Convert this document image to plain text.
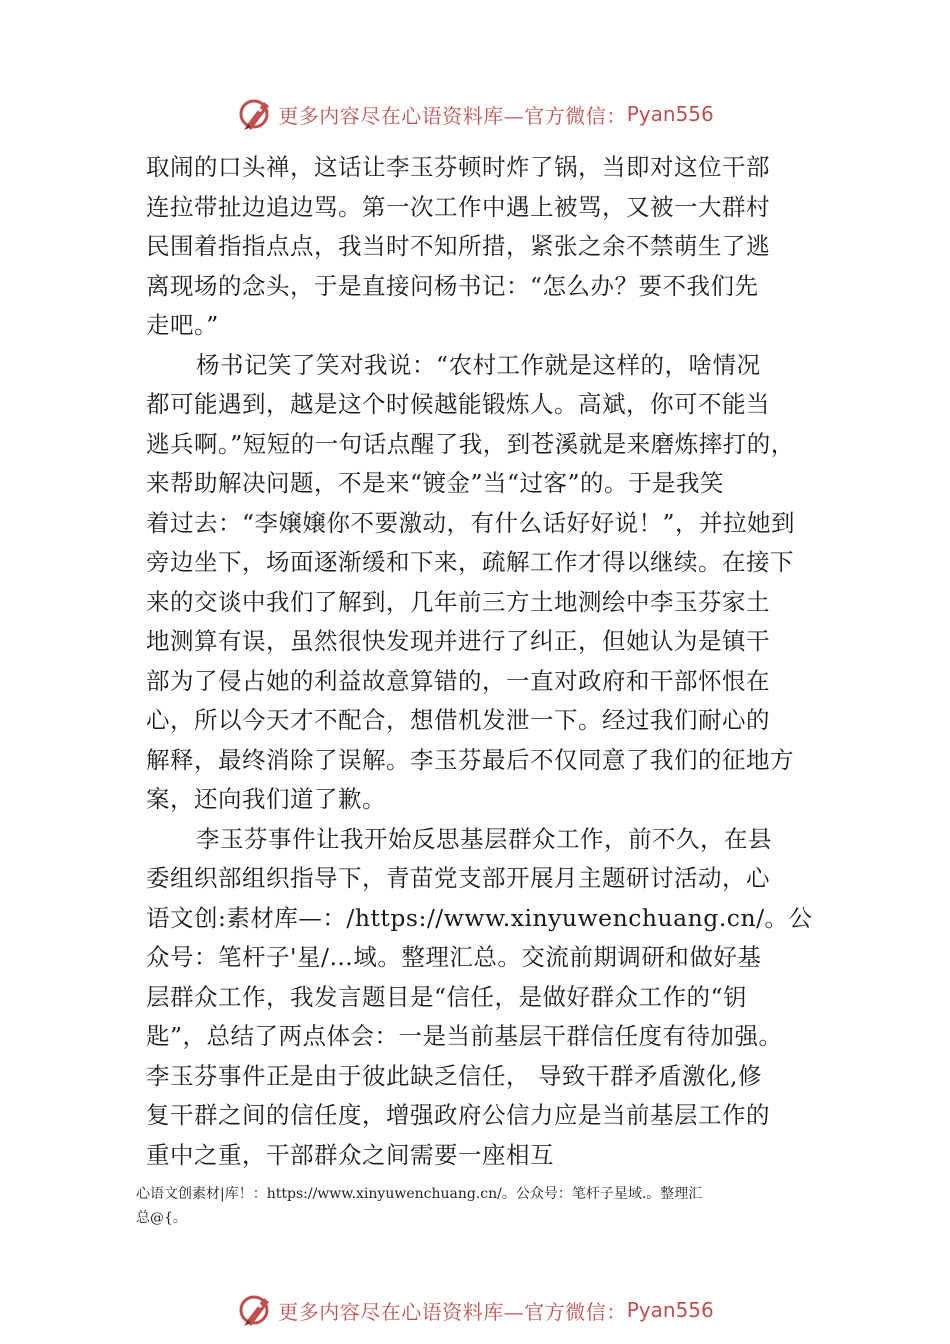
更多内容尽在心语资料库—官方微信： Pyan556
取闹的口头禅，这话让李玉芬顿时炸了锅，当即对这位干部
连拉带扯边追边骂。第一次工作中遇上被骂，又被一大群村
民围着指指点点，我当时不知所措，紧张之余不禁萌生了逃
离现场的念头，于是直接问杨书记：“怎么办？要不我们先
走吧。”
杨书记笑了笑对我说：“农村工作就是这样的，啥情况
都可能遇到，越是这个时候越能锻炼人。高斌，你可不能当
逃兵啊。”短短的一句话点醒了我，到苍溪就是来磨炼摔打的，
来帮助解决问题，不是来“镀金”当“过客”的。于是我笑
着过去：“李嬢嬢你不要激动，有什么话好好说！”，并拉她到
旁边坐下，场面逐渐缓和下来，疏解工作才得以继续。在接下
来的交谈中我们了解到，几年前三方土地测绘中李玉芬家土
地测算有误，虽然很快发现并进行了纠正，但她认为是镇干
部为了侵占她的利益故意算错的，一直对政府和干部怀恨在
心，所以今天才不配合，想借机发泄一下。经过我们耐心的
解释，最终消除了误解。李玉芬最后不仅同意了我们的征地方
案，还向我们道了歉。
李玉芬事件让我开始反思基层群众工作，前不久，在县
委组织部组织指导下，青苗党支部开展月主题研讨活动，心
语文创:素材库—：/https://www.xinyuwenchuang.cn/。公
众号：笔杆子'星/…域。整理汇总。交流前期调研和做好基
层群众工作，我发言题目是“信任，是做好群众工作的“钥
匙”，总结了两点体会：一是当前基层干群信任度有待加强。
李玉芬事件正是由于彼此缺乏信任， 导致干群矛盾激化,修
复干群之间的信任度，增强政府公信力应是当前基层工作的
重中之重，干部群众之间需要一座相互
心语文创素材|库！：https://www.xinyuwenchuang.cn/。公众号：笔杆子星域.。整理汇
总@{。
更多内容尽在心语资料库—官方微信： Pyan556
